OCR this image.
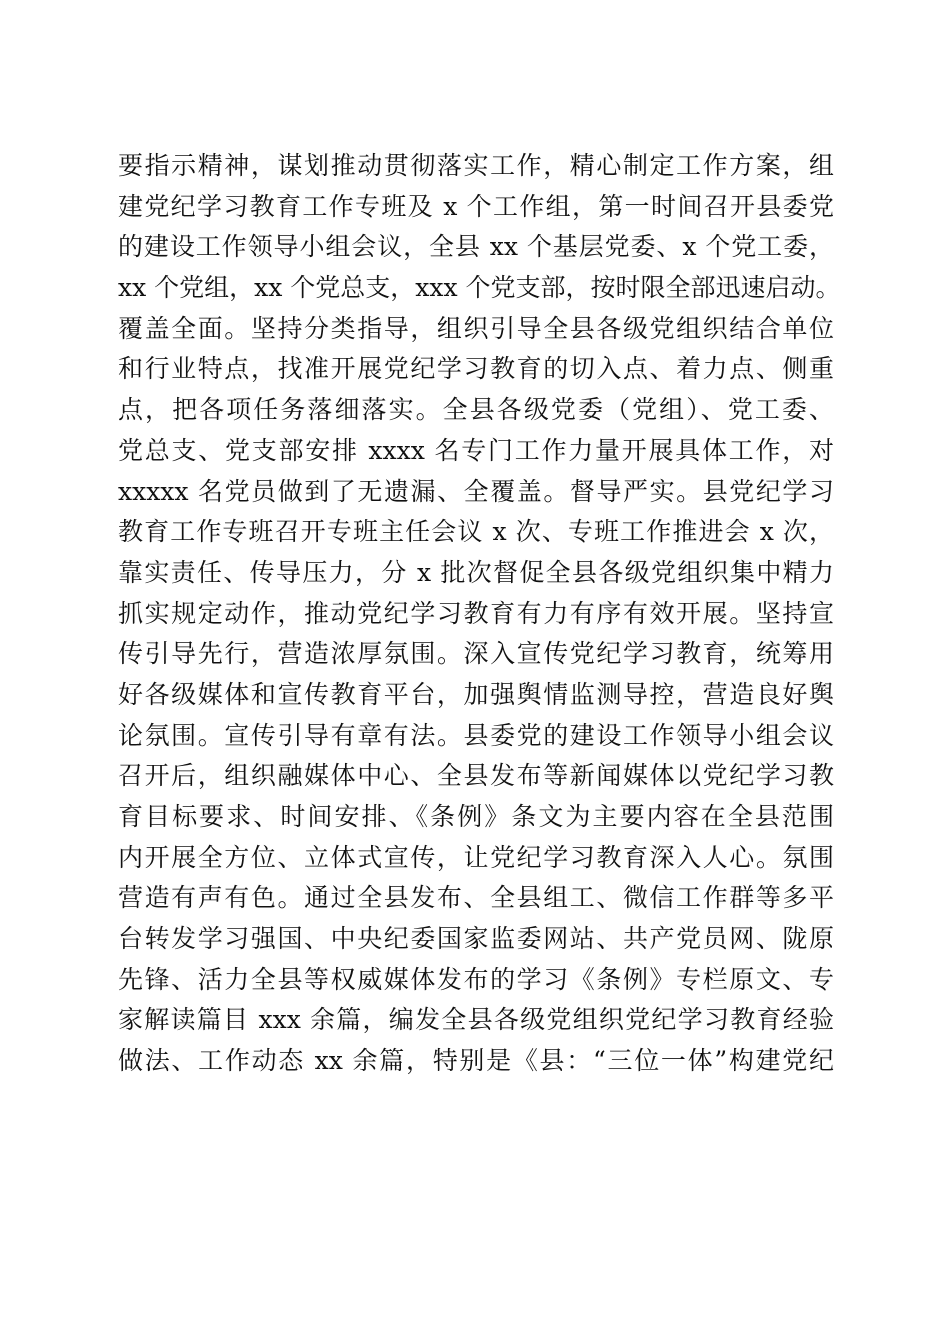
要指示精神，谋划推动贯彻落实工作，精心制定工作方案，组
建党纪学习教育工作专班及 x 个工作组，第一时间召开县委党
的建设工作领导小组会议，全县 xx 个基层党委、x 个党工委，
xx 个党组，xx 个党总支，xxx 个党支部，按时限全部迅速启动。
覆盖全面。坚持分类指导，组织引导全县各级党组织结合单位
和行业特点，找准开展党纪学习教育的切入点、着力点、侧重
点，把各项任务落细落实。全县各级党委（党组）、党工委、
党总支、党支部安排 xxxx 名专门工作力量开展具体工作，对
xxxxx 名党员做到了无遗漏、全覆盖。督导严实。县党纪学习
教育工作专班召开专班主任会议 x 次、专班工作推进会 x 次，
靠实责任、传导压力，分 x 批次督促全县各级党组织集中精力
抓实规定动作，推动党纪学习教育有力有序有效开展。坚持宣
传引导先行，营造浓厚氛围。深入宣传党纪学习教育，统筹用
好各级媒体和宣传教育平台，加强舆情监测导控，营造良好舆
论氛围。宣传引导有章有法。县委党的建设工作领导小组会议
召开后，组织融媒体中心、全县发布等新闻媒体以党纪学习教
育目标要求、时间安排、《条例》条文为主要内容在全县范围
内开展全方位、立体式宣传，让党纪学习教育深入人心。氛围
营造有声有色。通过全县发布、全县组工、微信工作群等多平
台转发学习强国、中央纪委国家监委网站、共产党员网、陇原
先锋、活力全县等权威媒体发布的学习《条例》专栏原文、专
家解读篇目 xxx 余篇，编发全县各级党组织党纪学习教育经验
做法、工作动态 xx 余篇，特别是《县：“三位一体”构建党纪
